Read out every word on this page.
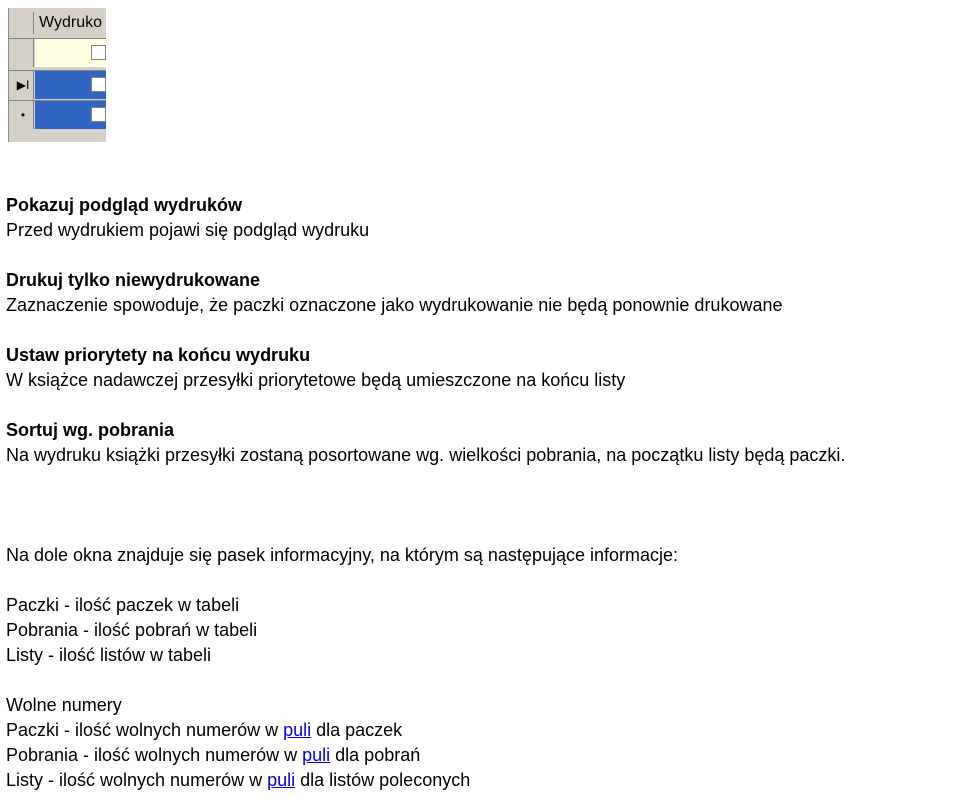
Wydruko
▶I
•

Pokazuj podgląd wydruków

Przed wydrukiem pojawi się podgląd wydruku

Drukuj tylko niewydrukowane

Zaznaczenie spowoduje, że paczki oznaczone jako wydrukowanie nie będą ponownie drukowane

Ustaw priorytety na końcu wydruku

W książce nadawczej przesyłki priorytetowe będą umieszczone na końcu listy

Sortuj wg. pobrania

Na wydruku książki przesyłki zostaną posortowane wg. wielkości pobrania, na początku listy będą paczki.

Na dole okna znajduje się pasek informacyjny, na którym są następujące informacje:

Paczki - ilość paczek w tabeli

Pobrania - ilość pobrań w tabeli

Listy - ilość listów w tabeli

Wolne numery

Paczki - ilość wolnych numerów w puli dla paczek

Pobrania - ilość wolnych numerów w puli dla pobrań

Listy - ilość wolnych numerów w puli dla listów poleconych
